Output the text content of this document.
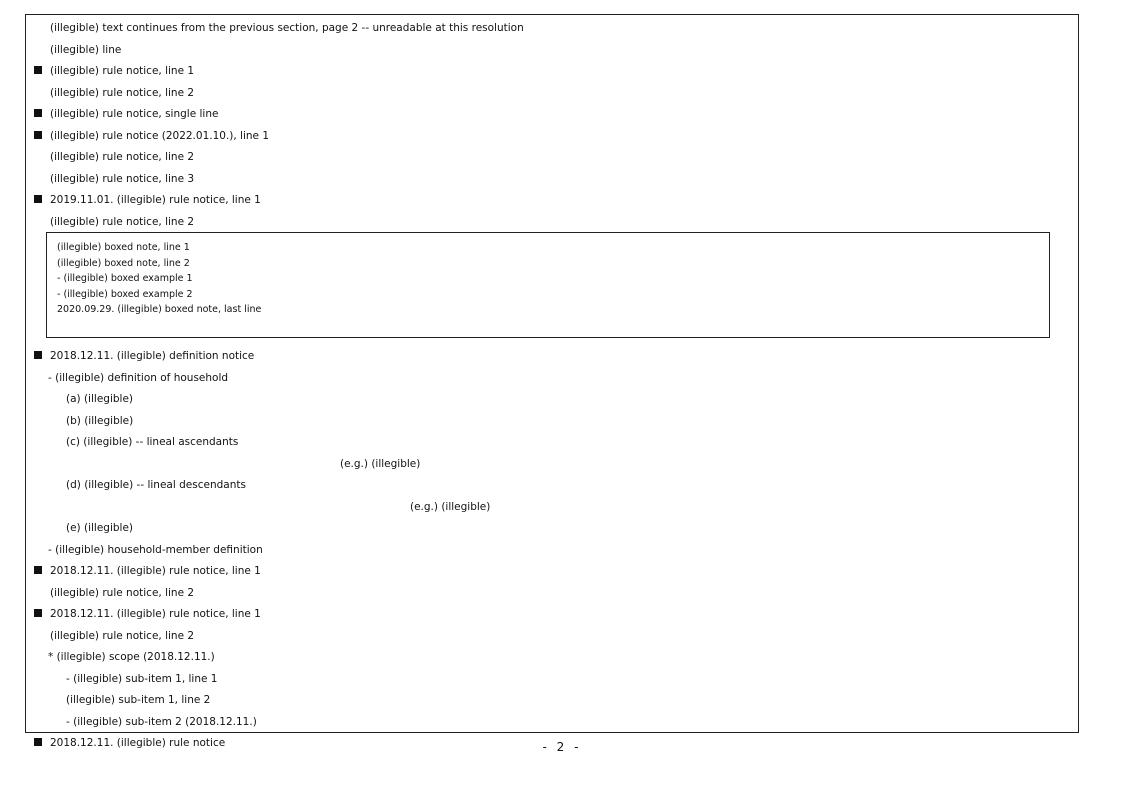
(illegible) text continues from the previous section, page 2 -- unreadable at this resolution
(illegible) line
(illegible) rule notice, line 1
(illegible) rule notice, line 2
(illegible) rule notice, single line
(illegible) rule notice (2022.01.10.), line 1
(illegible) rule notice, line 2
(illegible) rule notice, line 3
2019.11.01. (illegible) rule notice, line 1
(illegible) rule notice, line 2
(illegible) boxed note, line 1
(illegible) boxed note, line 2
- (illegible) boxed example 1
- (illegible) boxed example 2
2020.09.29. (illegible) boxed note, last line
2018.12.11. (illegible) definition notice
- (illegible) definition of household
(a) (illegible)
(b) (illegible)
(c) (illegible) -- lineal ascendants
(e.g.) (illegible)
(d) (illegible) -- lineal descendants
(e.g.) (illegible)
(e) (illegible)
- (illegible) household-member definition
2018.12.11. (illegible) rule notice, line 1
(illegible) rule notice, line 2
2018.12.11. (illegible) rule notice, line 1
(illegible) rule notice, line 2
* (illegible) scope (2018.12.11.)
- (illegible) sub-item 1, line 1
(illegible) sub-item 1, line 2
- (illegible) sub-item 2 (2018.12.11.)
2018.12.11. (illegible) rule notice	- 2 -
